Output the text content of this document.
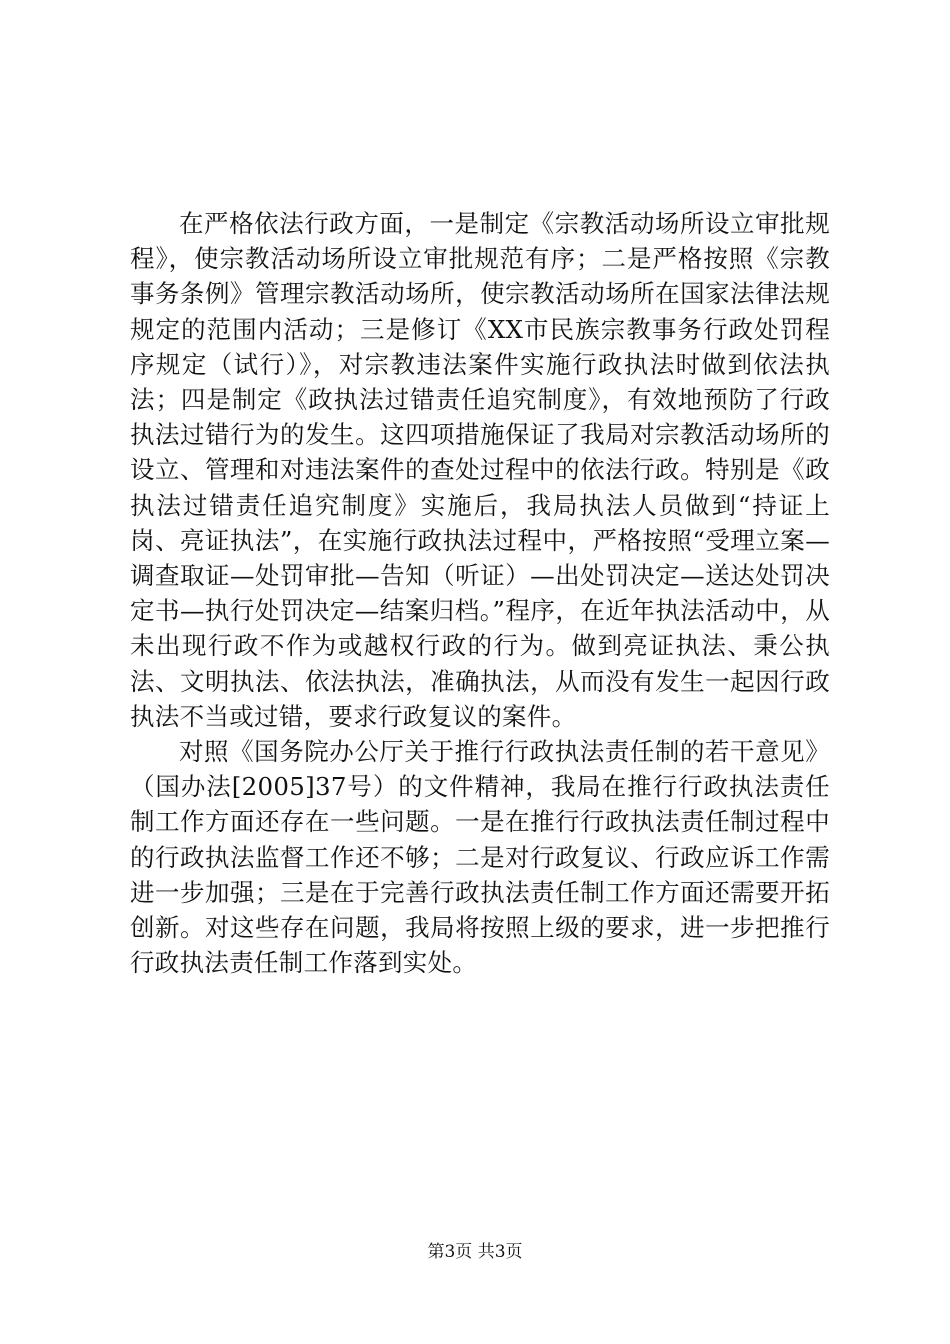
在严格依法行政方面，一是制定《宗教活动场所设立审批规程》，使宗教活动场所设立审批规范有序；二是严格按照《宗教事务条例》管理宗教活动场所，使宗教活动场所在国家法律法规规定的范围内活动；三是修订《XX市民族宗教事务行政处罚程序规定（试行）》，对宗教违法案件实施行政执法时做到依法执法；四是制定《政执法过错责任追究制度》，有效地预防了行政执法过错行为的发生。这四项措施保证了我局对宗教活动场所的设立、管理和对违法案件的查处过程中的依法行政。特别是《政执法过错责任追究制度》实施后，我局执法人员做到“持证上岗、亮证执法”，在实施行政执法过程中，严格按照“受理立案—调查取证—处罚审批—告知（听证）—出处罚决定—送达处罚决定书—执行处罚决定—结案归档。”程序，在近年执法活动中，从未出现行政不作为或越权行政的行为。做到亮证执法、秉公执法、文明执法、依法执法，准确执法，从而没有发生一起因行政执法不当或过错，要求行政复议的案件。

对照《国务院办公厅关于推行行政执法责任制的若干意见》（国办法[2005]37号）的文件精神，我局在推行行政执法责任制工作方面还存在一些问题。一是在推行行政执法责任制过程中的行政执法监督工作还不够；二是对行政复议、行政应诉工作需进一步加强；三是在于完善行政执法责任制工作方面还需要开拓创新。对这些存在问题，我局将按照上级的要求，进一步把推行行政执法责任制工作落到实处。

第3页 共3页
